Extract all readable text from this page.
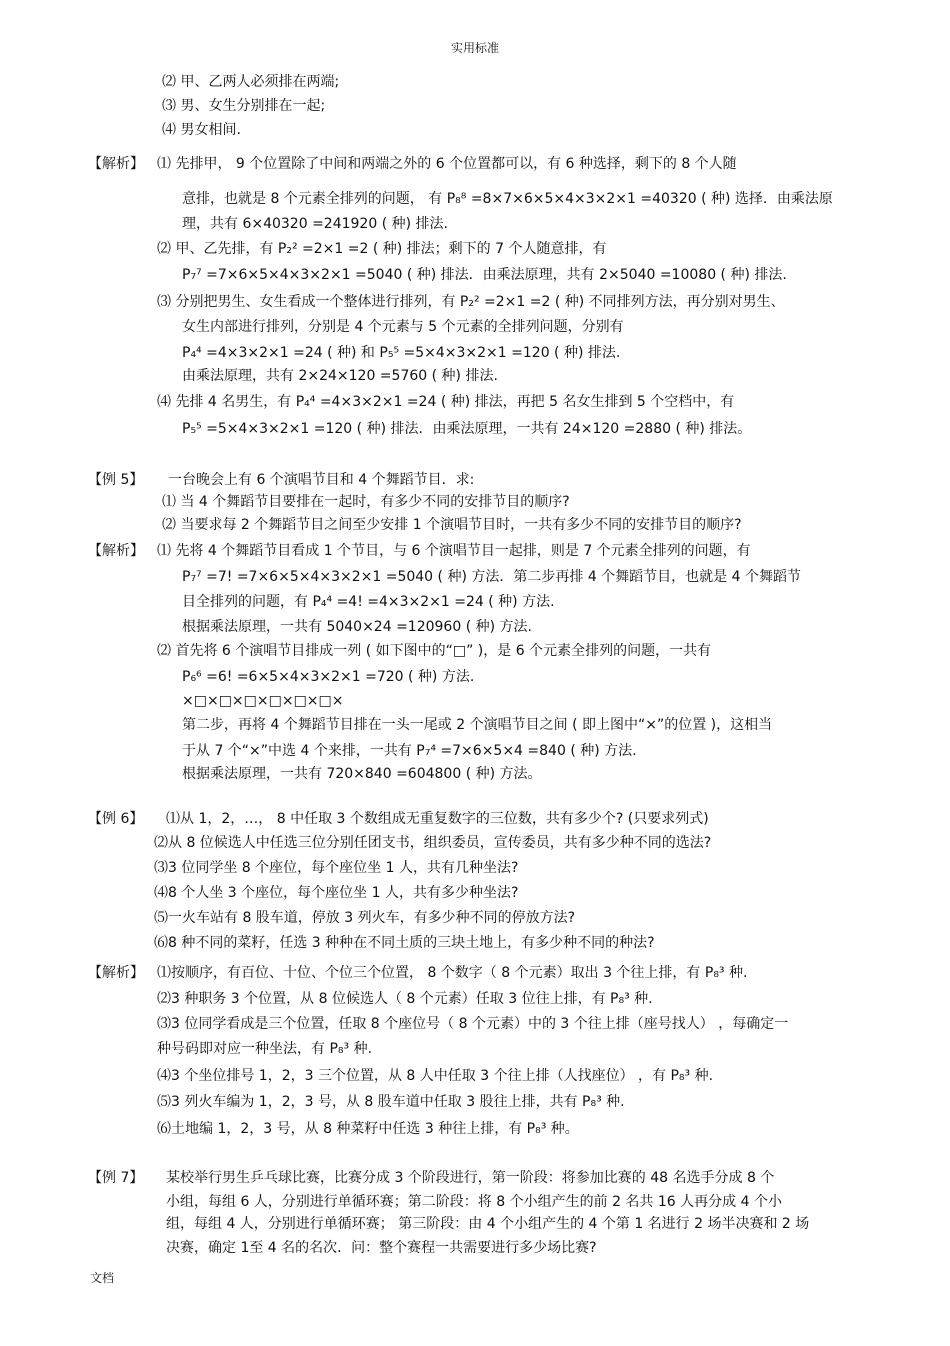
实用标准
⑵ 甲、乙两人必须排在两端;
⑶ 男、女生分别排在一起;
⑷ 男女相间.
【解析】 ⑴ 先排甲， 9 个位置除了中间和两端之外的 6 个位置都可以，有 6 种选择，剩下的 8 个人随
意排，也就是 8 个元素全排列的问题， 有 P₈⁸ =8×7×6×5×4×3×2×1 =40320 ( 种) 选择．由乘法原
理，共有 6×40320 =241920 ( 种) 排法.
⑵ 甲、乙先排，有 P₂² =2×1 =2 ( 种) 排法；剩下的 7 个人随意排，有
P₇⁷ =7×6×5×4×3×2×1 =5040 ( 种) 排法．由乘法原理，共有 2×5040 =10080 ( 种) 排法.
⑶ 分别把男生、女生看成一个整体进行排列，有 P₂² =2×1 =2 ( 种) 不同排列方法，再分别对男生、
女生内部进行排列，分别是 4 个元素与 5 个元素的全排列问题，分别有
P₄⁴ =4×3×2×1 =24 ( 种) 和 P₅⁵ =5×4×3×2×1 =120 ( 种) 排法.
由乘法原理，共有 2×24×120 =5760 ( 种) 排法.
⑷ 先排 4 名男生，有 P₄⁴ =4×3×2×1 =24 ( 种) 排法，再把 5 名女生排到 5 个空档中，有
P₅⁵ =5×4×3×2×1 =120 ( 种) 排法．由乘法原理，一共有 24×120 =2880 ( 种) 排法。
【例 5】 一台晚会上有 6 个演唱节目和 4 个舞蹈节目．求:
⑴ 当 4 个舞蹈节目要排在一起时，有多少不同的安排节目的顺序?
⑵ 当要求每 2 个舞蹈节目之间至少安排 1 个演唱节目时，一共有多少不同的安排节目的顺序?
【解析】 ⑴ 先将 4 个舞蹈节目看成 1 个节目，与 6 个演唱节目一起排，则是 7 个元素全排列的问题，有
P₇⁷ =7! =7×6×5×4×3×2×1 =5040 ( 种) 方法．第二步再排 4 个舞蹈节目，也就是 4 个舞蹈节
目全排列的问题，有 P₄⁴ =4! =4×3×2×1 =24 ( 种) 方法.
根据乘法原理，一共有 5040×24 =120960 ( 种) 方法.
⑵ 首先将 6 个演唱节目排成一列 ( 如下图中的“□” )，是 6 个元素全排列的问题，一共有
P₆⁶ =6! =6×5×4×3×2×1 =720 ( 种) 方法.
×□×□×□×□×□×□×
第二步，再将 4 个舞蹈节目排在一头一尾或 2 个演唱节目之间 ( 即上图中“×”的位置 )，这相当
于从 7 个“×”中选 4 个来排，一共有 P₇⁴ =7×6×5×4 =840 ( 种) 方法.
根据乘法原理，一共有 720×840 =604800 ( 种) 方法。
【例 6】 ⑴从 1，2，…， 8 中任取 3 个数组成无重复数字的三位数，共有多少个? (只要求列式)
⑵从 8 位候选人中任选三位分别任团支书，组织委员，宣传委员，共有多少种不同的选法?
⑶3 位同学坐 8 个座位，每个座位坐 1 人，共有几种坐法?
⑷8 个人坐 3 个座位，每个座位坐 1 人，共有多少种坐法?
⑸一火车站有 8 股车道，停放 3 列火车，有多少种不同的停放方法?
⑹8 种不同的菜籽，任选 3 种种在不同土质的三块土地上，有多少种不同的种法?
【解析】 ⑴按顺序，有百位、十位、个位三个位置， 8 个数字（ 8 个元素）取出 3 个往上排，有 P₈³ 种.
⑵3 种职务 3 个位置，从 8 位候选人（ 8 个元素）任取 3 位往上排，有 P₈³ 种.
⑶3 位同学看成是三个位置，任取 8 个座位号（ 8 个元素）中的 3 个往上排（座号找人） ，每确定一
种号码即对应一种坐法，有 P₈³ 种.
⑷3 个坐位排号 1，2，3 三个位置，从 8 人中任取 3 个往上排（人找座位） ，有 P₈³ 种.
⑸3 列火车编为 1，2，3 号，从 8 股车道中任取 3 股往上排，共有 P₈³ 种.
⑹土地编 1，2，3 号，从 8 种菜籽中任选 3 种往上排，有 P₈³ 种。
【例 7】 某校举行男生乒乓球比赛，比赛分成 3 个阶段进行，第一阶段：将参加比赛的 48 名选手分成 8 个
小组，每组 6 人，分别进行单循环赛；第二阶段：将 8 个小组产生的前 2 名共 16 人再分成 4 个小
组，每组 4 人，分别进行单循环赛； 第三阶段：由 4 个小组产生的 4 个第 1 名进行 2 场半决赛和 2 场
决赛，确定 1至 4 名的名次．问：整个赛程一共需要进行多少场比赛?
文档
